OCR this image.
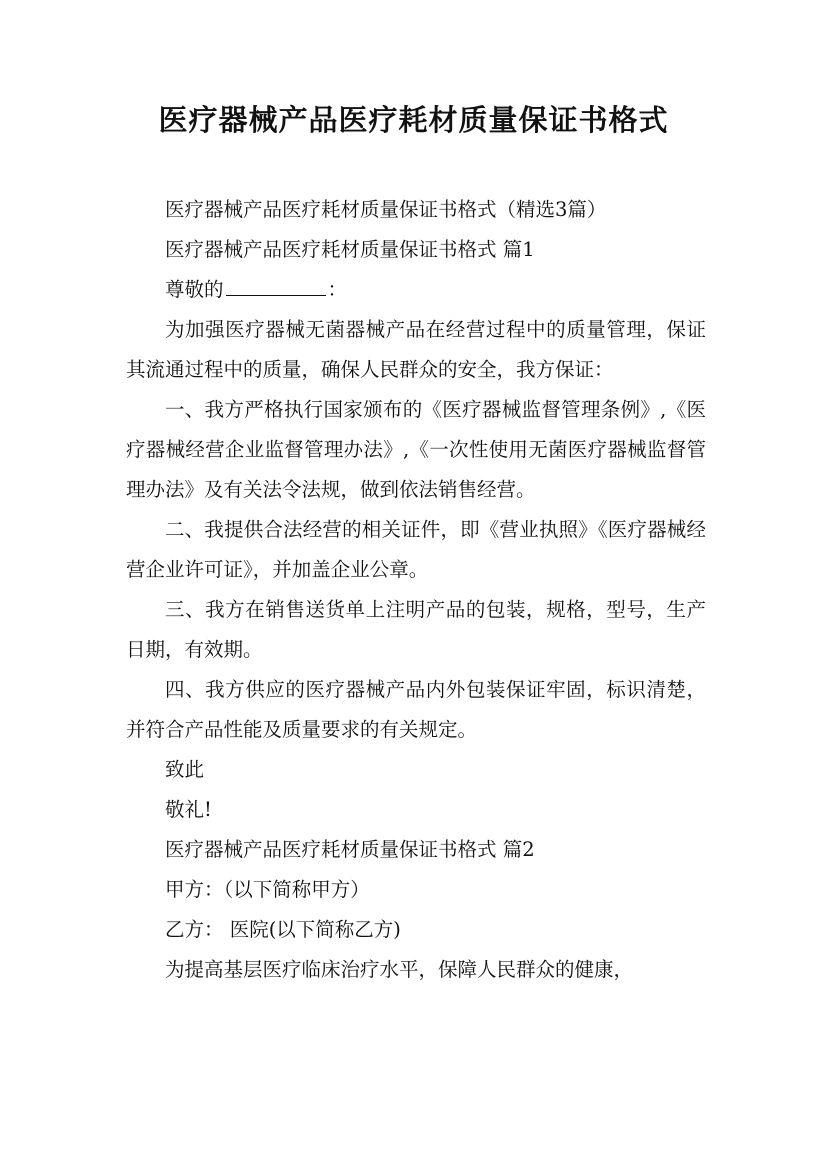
医疗器械产品医疗耗材质量保证书格式

医疗器械产品医疗耗材质量保证书格式（精选3篇）

医疗器械产品医疗耗材质量保证书格式 篇1

尊敬的	：

为加强医疗器械无菌器械产品在经营过程中的质量管理，保证其流通过程中的质量，确保人民群众的安全，我方保证：

一、我方严格执行国家颁布的《医疗器械监督管理条例》,《医疗器械经营企业监督管理办法》,《一次性使用无菌医疗器械监督管理办法》及有关法令法规，做到依法销售经营。

二、我提供合法经营的相关证件，即《营业执照》《医疗器械经营企业许可证》，并加盖企业公章。

三、我方在销售送货单上注明产品的包装，规格，型号，生产日期，有效期。

四、我方供应的医疗器械产品内外包装保证牢固，标识清楚，并符合产品性能及质量要求的有关规定。

致此

敬礼!

医疗器械产品医疗耗材质量保证书格式 篇2

甲方：（以下简称甲方）

乙方： 医院(以下简称乙方)

为提高基层医疗临床治疗水平，保障人民群众的健康，
